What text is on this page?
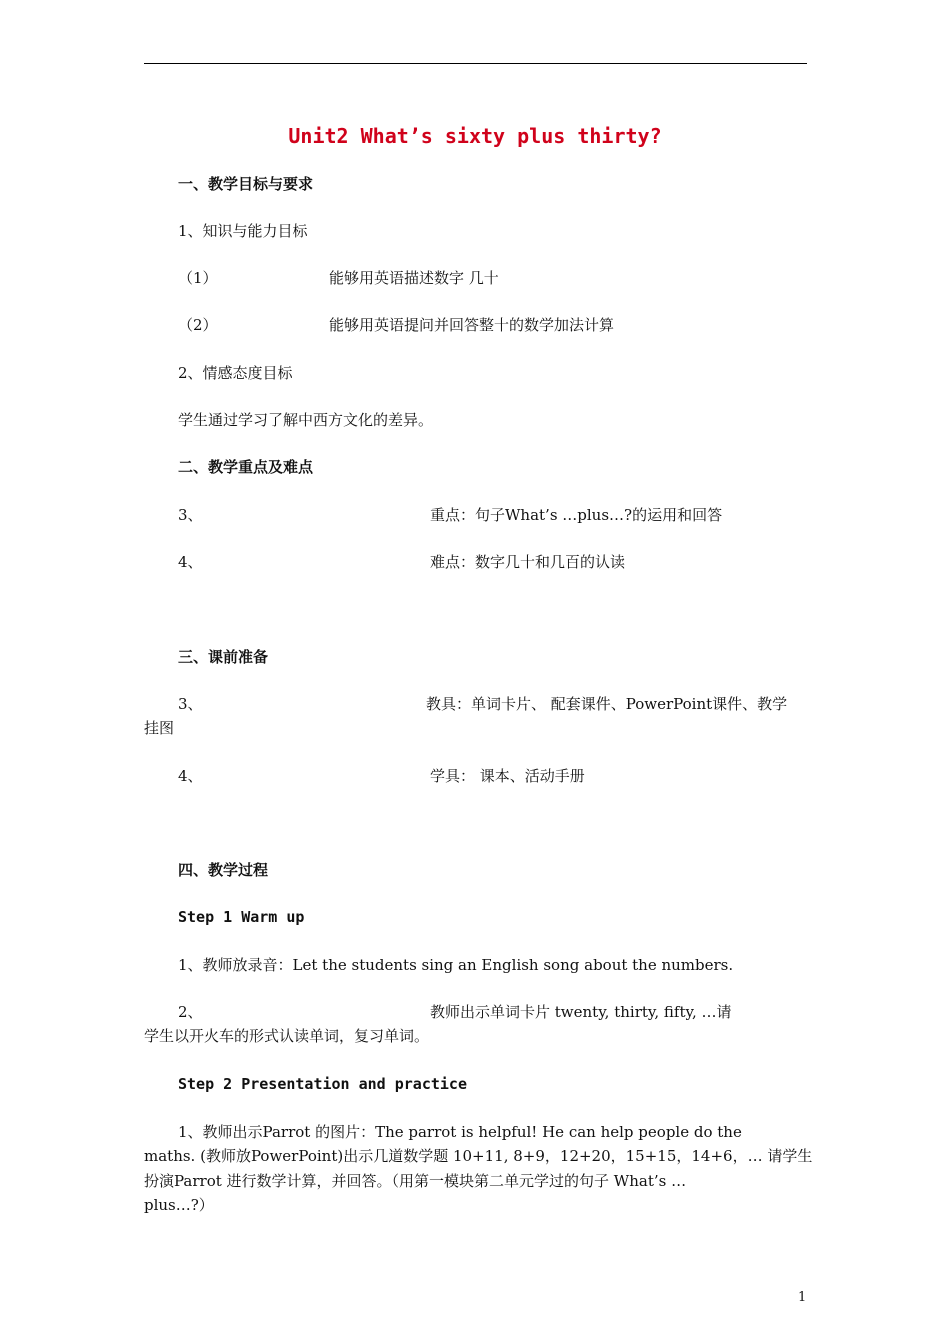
Unit2 What’s sixty plus thirty?
一、教学目标与要求
1、知识与能力目标
（1）	能够用英语描述数字 几十
（2）	能够用英语提问并回答整十的数学加法计算
2、情感态度目标
学生通过学习了解中西方文化的差异。
二、教学重点及难点
3、	重点：句子What’s …plus…?的运用和回答
4、	难点：数字几十和几百的认读
三、课前准备
3、	教具：单词卡片、 配套课件、PowerPoint课件、教学
挂图
4、	学具： 课本、活动手册
四、教学过程
Step 1 Warm up
1、教师放录音：Let the students sing an English song about the numbers.
2、	教师出示单词卡片 twenty, thirty, fifty, …请
学生以开火车的形式认读单词，复习单词。
Step 2 Presentation and practice
1、教师出示Parrot 的图片：The parrot is helpful! He can help people do the
maths. (教师放PowerPoint)出示几道数学题 10+11, 8+9，12+20，15+15，14+6，… 请学生
扮演Parrot 进行数学计算，并回答。（用第一模块第二单元学过的句子 What’s …
plus…?）
1
